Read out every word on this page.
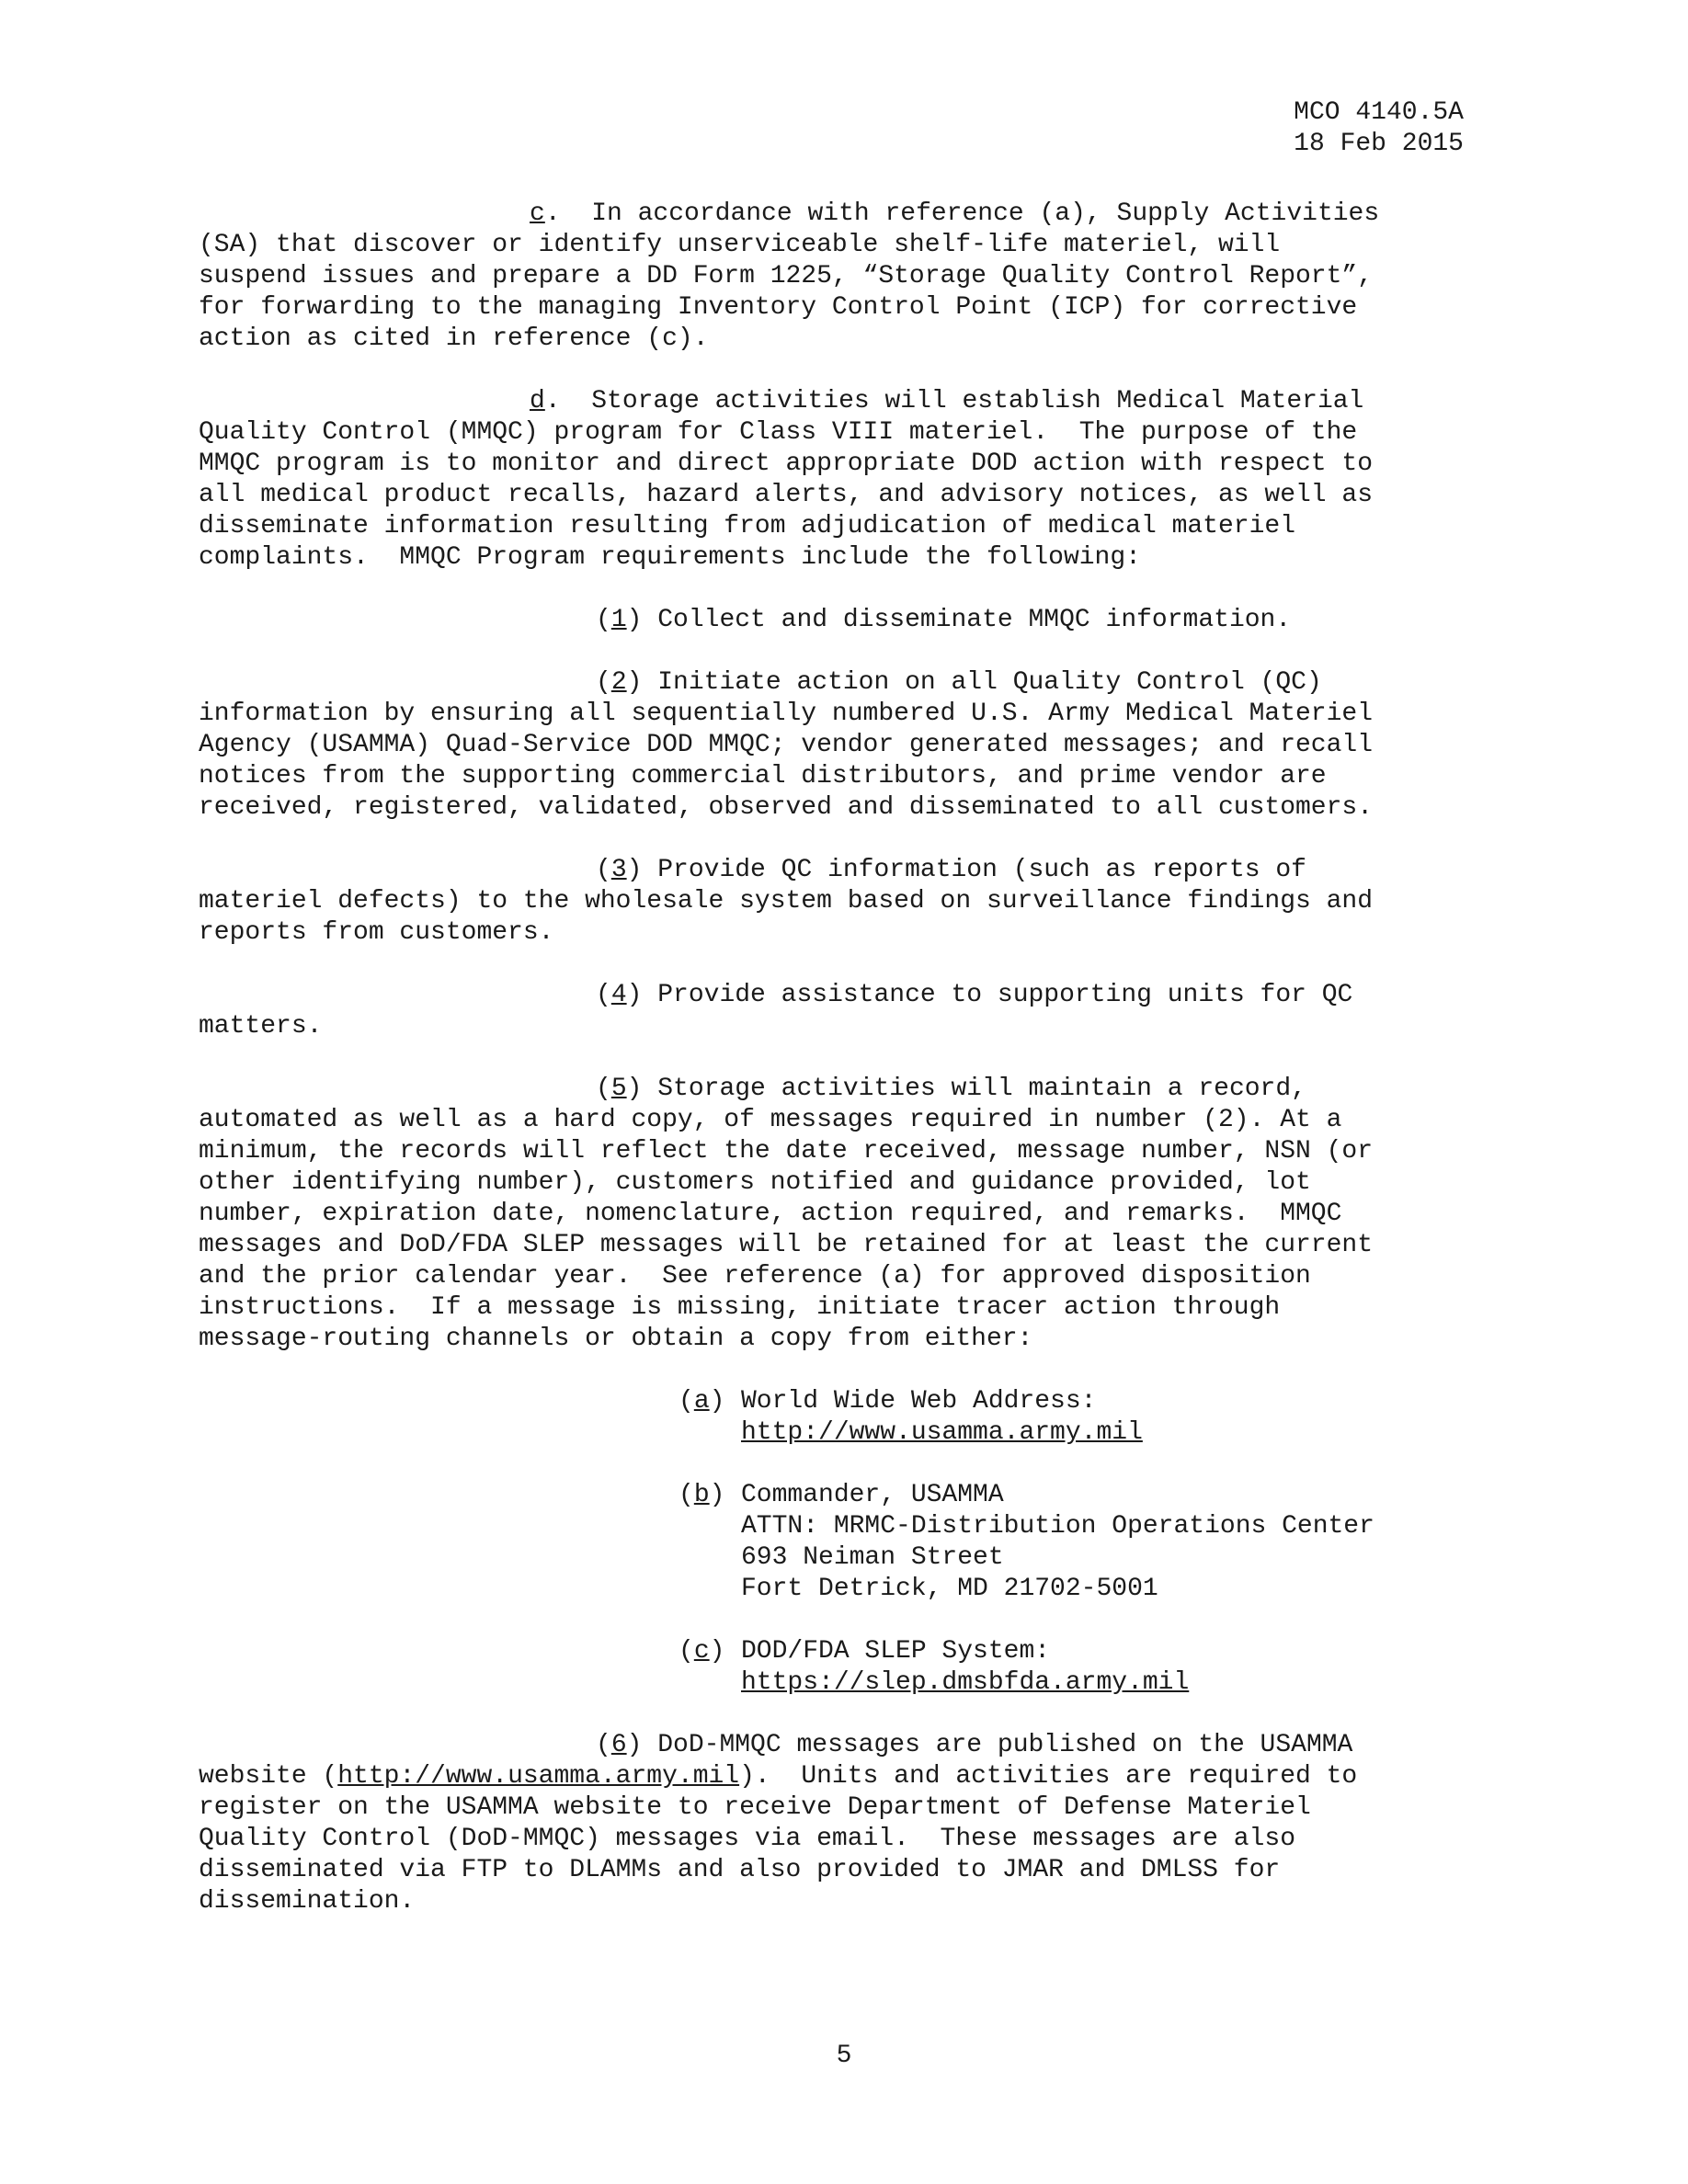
MCO 4140.5A
18 Feb 2015

c.  In accordance with reference (a), Supply Activities
(SA) that discover or identify unserviceable shelf-life materiel, will
suspend issues and prepare a DD Form 1225, “Storage Quality Control Report”,
for forwarding to the managing Inventory Control Point (ICP) for corrective
action as cited in reference (c).

d.  Storage activities will establish Medical Material
Quality Control (MMQC) program for Class VIII materiel.  The purpose of the
MMQC program is to monitor and direct appropriate DOD action with respect to
all medical product recalls, hazard alerts, and advisory notices, as well as
disseminate information resulting from adjudication of medical materiel
complaints.  MMQC Program requirements include the following:

(1) Collect and disseminate MMQC information.

(2) Initiate action on all Quality Control (QC)
information by ensuring all sequentially numbered U.S. Army Medical Materiel
Agency (USAMMA) Quad-Service DOD MMQC; vendor generated messages; and recall
notices from the supporting commercial distributors, and prime vendor are
received, registered, validated, observed and disseminated to all customers.

(3) Provide QC information (such as reports of
materiel defects) to the wholesale system based on surveillance findings and
reports from customers.

(4) Provide assistance to supporting units for QC
matters.

(5) Storage activities will maintain a record,
automated as well as a hard copy, of messages required in number (2). At a
minimum, the records will reflect the date received, message number, NSN (or
other identifying number), customers notified and guidance provided, lot
number, expiration date, nomenclature, action required, and remarks.  MMQC
messages and DoD/FDA SLEP messages will be retained for at least the current
and the prior calendar year.  See reference (a) for approved disposition
instructions.  If a message is missing, initiate tracer action through
message-routing channels or obtain a copy from either:

(a) World Wide Web Address:
http://www.usamma.army.mil
(b) Commander, USAMMA
ATTN: MRMC-Distribution Operations Center
693 Neiman Street
Fort Detrick, MD 21702-5001
(c) DOD/FDA SLEP System:
https://slep.dmsbfda.army.mil

(6) DoD-MMQC messages are published on the USAMMA
website (http://www.usamma.army.mil).  Units and activities are required to
register on the USAMMA website to receive Department of Defense Materiel
Quality Control (DoD-MMQC) messages via email.  These messages are also
disseminated via FTP to DLAMMs and also provided to JMAR and DMLSS for
dissemination.

5
